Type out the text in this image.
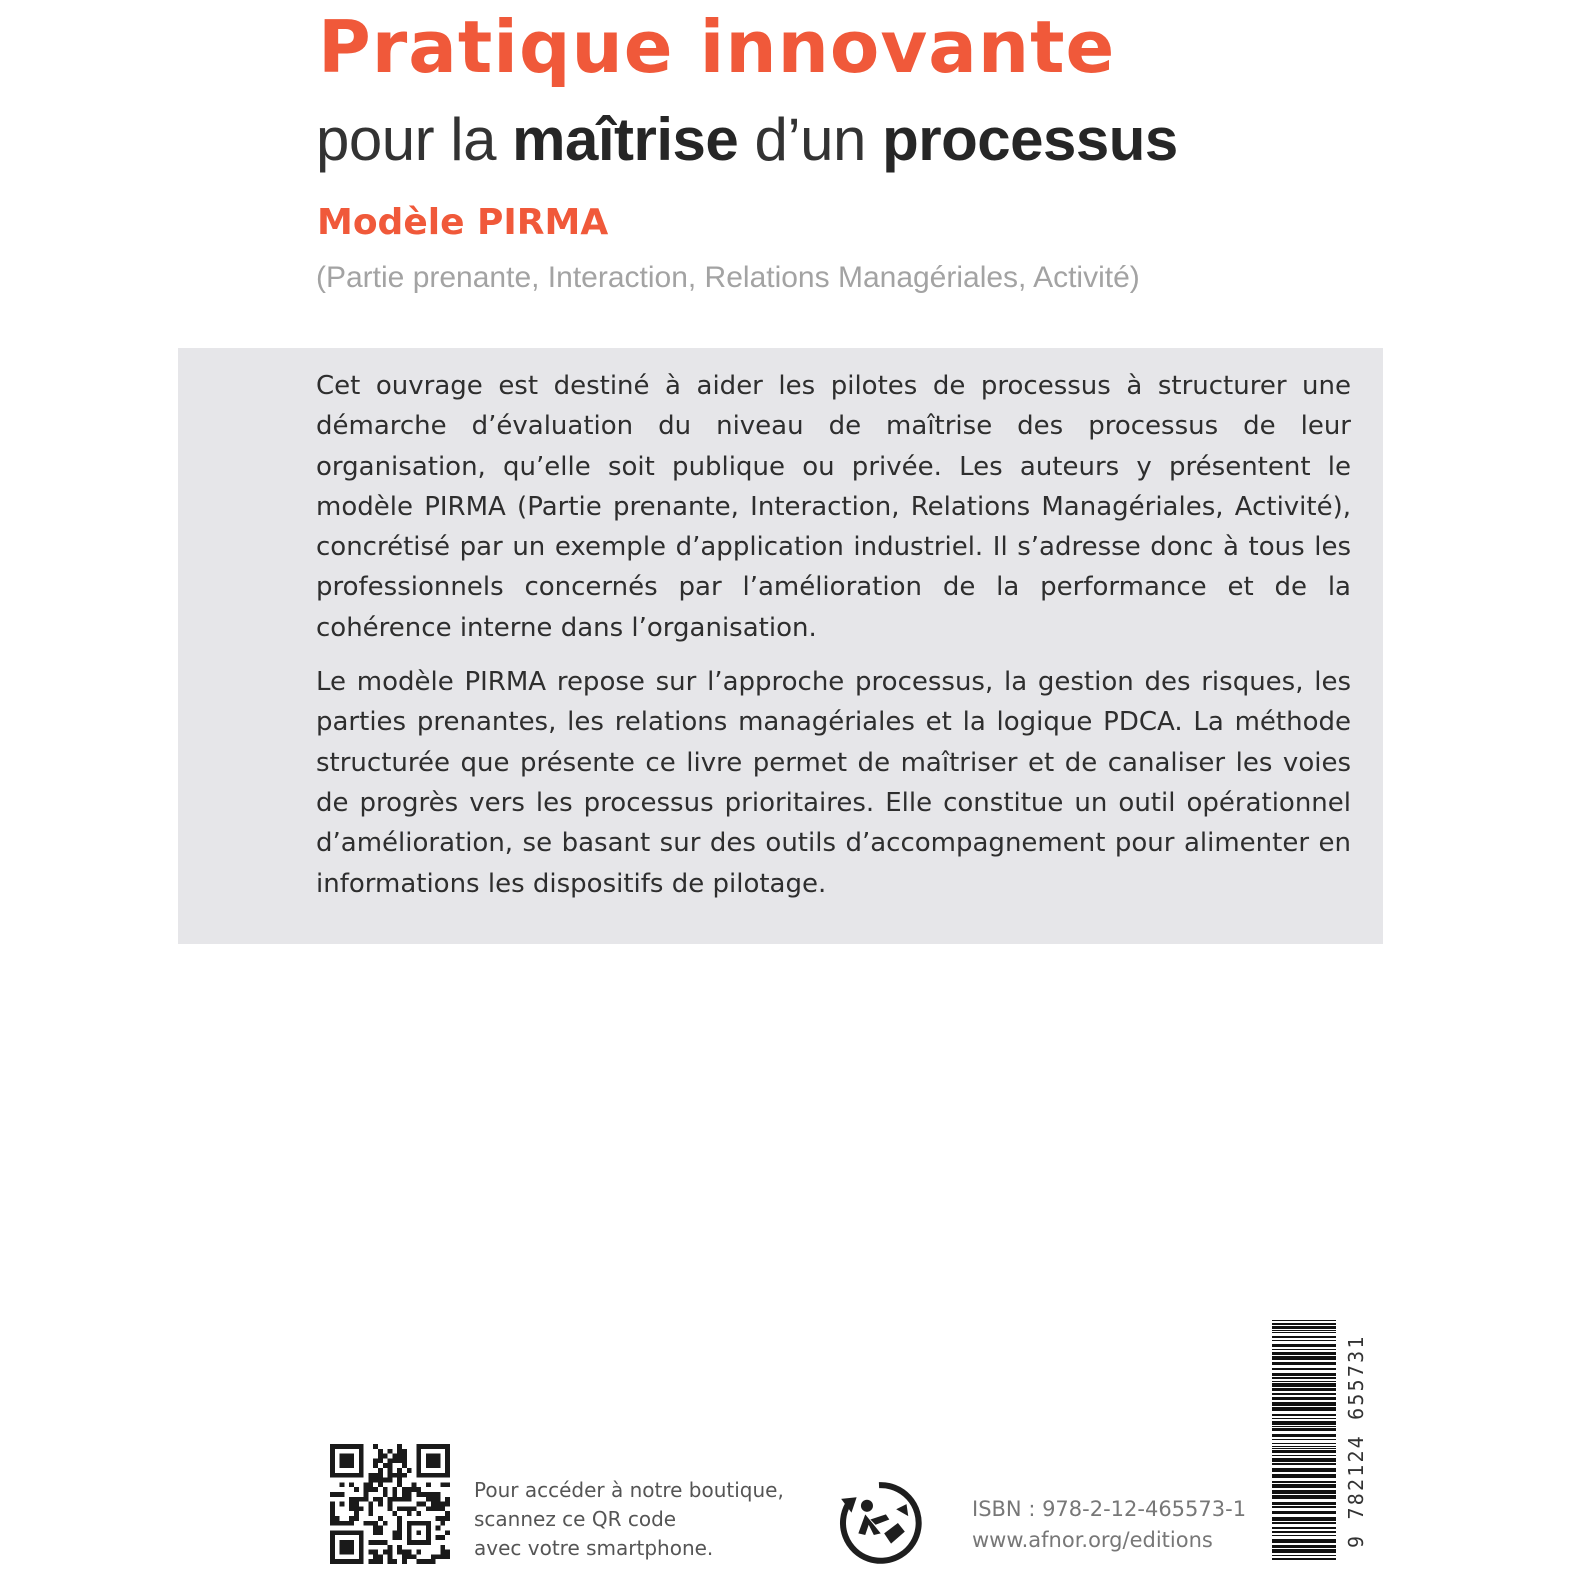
Pratique innovante
pour la maîtrise d’un processus
Modèle PIRMA

(Partie prenante, Interaction, Relations Managériales, Activité)

Cet ouvrage est destiné à aider les pilotes de processus à structurer une démarche d’évaluation du niveau de maîtrise des processus de leur organisation, qu’elle soit publique ou privée. Les auteurs y présentent le modèle PIRMA (Partie prenante, Interaction, Relations Managériales, Activité), concrétisé par un exemple d’application industriel. Il s’adresse donc à tous les professionnels concernés par l’amélioration de la performance et de la cohérence interne dans l’organisation.

Le modèle PIRMA repose sur l’approche processus, la gestion des risques, les parties prenantes, les relations managériales et la logique PDCA. La méthode structurée que présente ce livre permet de maîtriser et de canaliser les voies de progrès vers les processus prioritaires. Elle constitue un outil opérationnel d’amélioration, se basant sur des outils d’accompagnement pour alimenter en informations les dispositifs de pilotage.

Pour accéder à notre boutique,
scannez ce QR code
avec votre smartphone.

ISBN : 978-2-12-465573-1

www.afnor.org/editions	9 782124 655731
